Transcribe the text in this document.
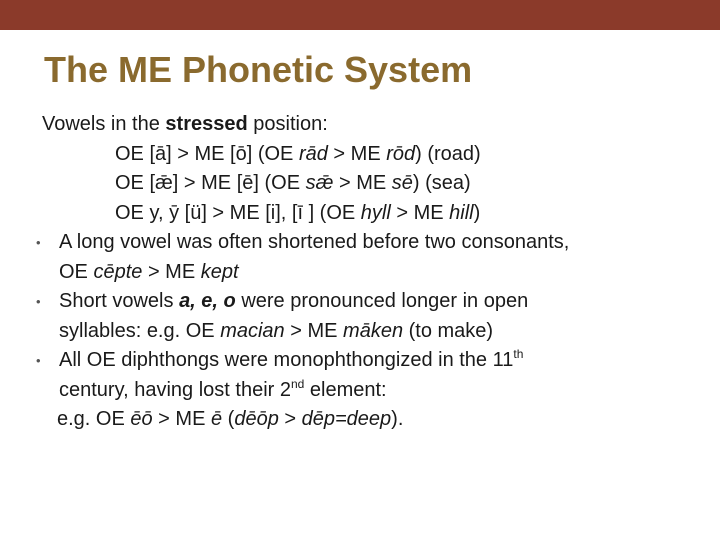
The ME Phonetic System
Vowels in the stressed position:
OE [ā] > ME [ō] (OE rād > ME rōd) (road)
OE [ǣ] > ME [ē] (OE sǣ > ME sē) (sea)
OE y, ȳ [ü] > ME [i], [ī ] (OE hyll > ME hill)
• A long vowel was often shortened before two consonants,
OE cēpte > ME kept
• Short vowels a, e, o were pronounced longer in open
syllables: e.g. OE macian > ME māken (to make)
• All OE diphthongs were monophthongized in the 11th
century, having lost their 2nd element:
e.g. OE ēō > ME ē (dēōp > dēp=deep).
